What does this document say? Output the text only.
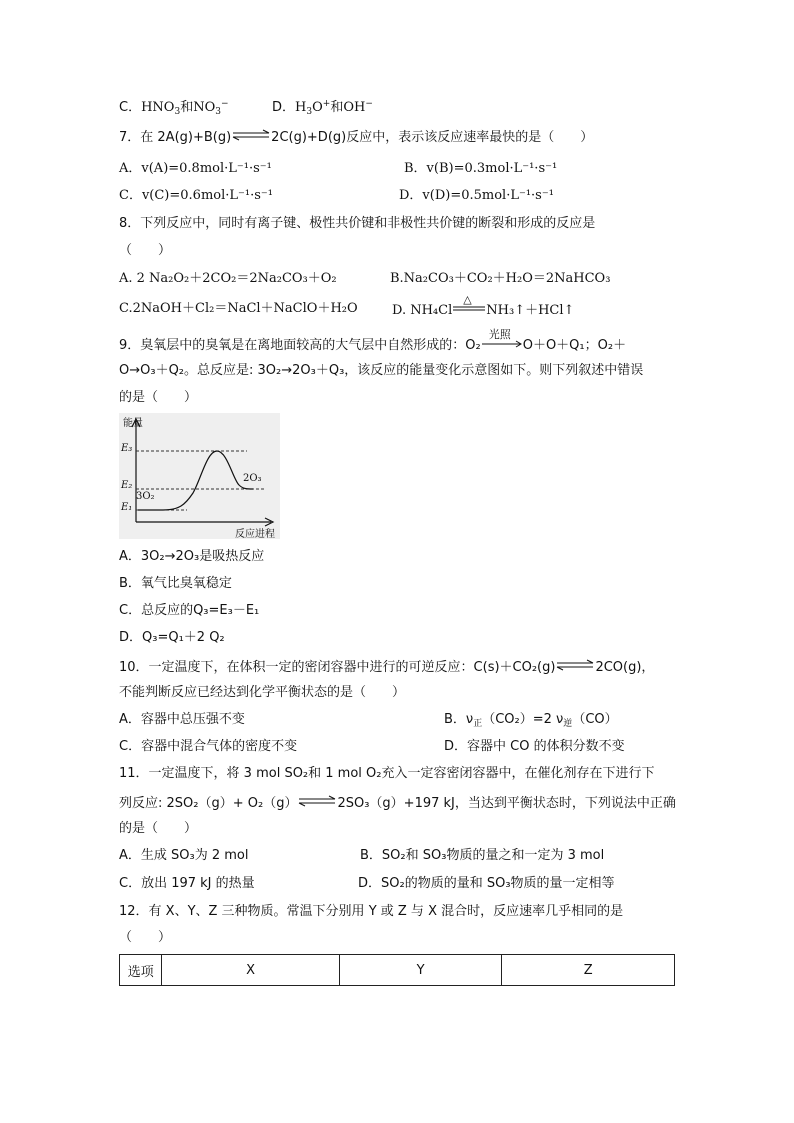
C．$HNO_3$和$NO_3^-$	D．$H_3O^+$和OH−
7．在 2A(g)+B(g)⇌2C(g)+D(g)反应中，表示该反应速率最快的是（　　）
A．v(A)=0.8mol·L⁻¹·s⁻¹	B．v(B)=0.3mol·L⁻¹·s⁻¹
C．v(C)=0.6mol·L⁻¹·s⁻¹	D．v(D)=0.5mol·L⁻¹·s⁻¹
8．下列反应中，同时有离子键、极性共价键和非极性共价键的断裂和形成的反应是
（　　）
A. 2 Na₂O₂＋2CO₂＝2Na₂CO₃＋O₂	B.Na₂CO₃＋CO₂＋H₂O＝2NaHCO₃
C.2NaOH＋Cl₂＝NaCl＋NaClO＋H₂O	D. NH₄Cl
△
NH₃↑＋HCl↑
9．臭氧层中的臭氧是在离地面较高的大气层中自然形成的：O₂
光照
O＋O＋Q₁；O₂＋
O→O₃＋Q₂。总反应是: 3O₂→2O₃＋Q₃，该反应的能量变化示意图如下。则下列叙述中错误
的是（　　）
能量
E₃
E₂
E₁
3O₂
2O₃
反应进程
A．3O₂→2O₃是吸热反应
B．氧气比臭氧稳定
C．总反应的Q₃=E₃－E₁
D．Q₃=Q₁＋2 Q₂
10．一定温度下，在体积一定的密闭容器中进行的可逆反应：C(s)＋CO₂(g)⇌2CO(g)，
不能判断反应已经达到化学平衡状态的是（　　）
A．容器中总压强不变	B．$\nu_正(CO_2)=2$ $\nu_逆(CO)$
C．容器中混合气体的密度不变	D．容器中 CO 的体积分数不变
11．一定温度下，将 3 mol SO₂和 1 mol O₂充入一定容密闭容器中，在催化剂存在下进行下
列反应: 2SO₂（g）+ O₂（g）⇌2SO₃（g）+197 kJ，当达到平衡状态时，下列说法中正确
的是（　　）
A．生成 SO₃为 2 mol	B．SO₂和 SO₃物质的量之和一定为 3 mol
C．放出 197 kJ 的热量	D．SO₂的物质的量和 SO₃物质的量一定相等
12．有 X、Y、Z 三种物质。常温下分别用 Y 或 Z 与 X 混合时，反应速率几乎相同的是
（　　）
选项	X	Y	Z
